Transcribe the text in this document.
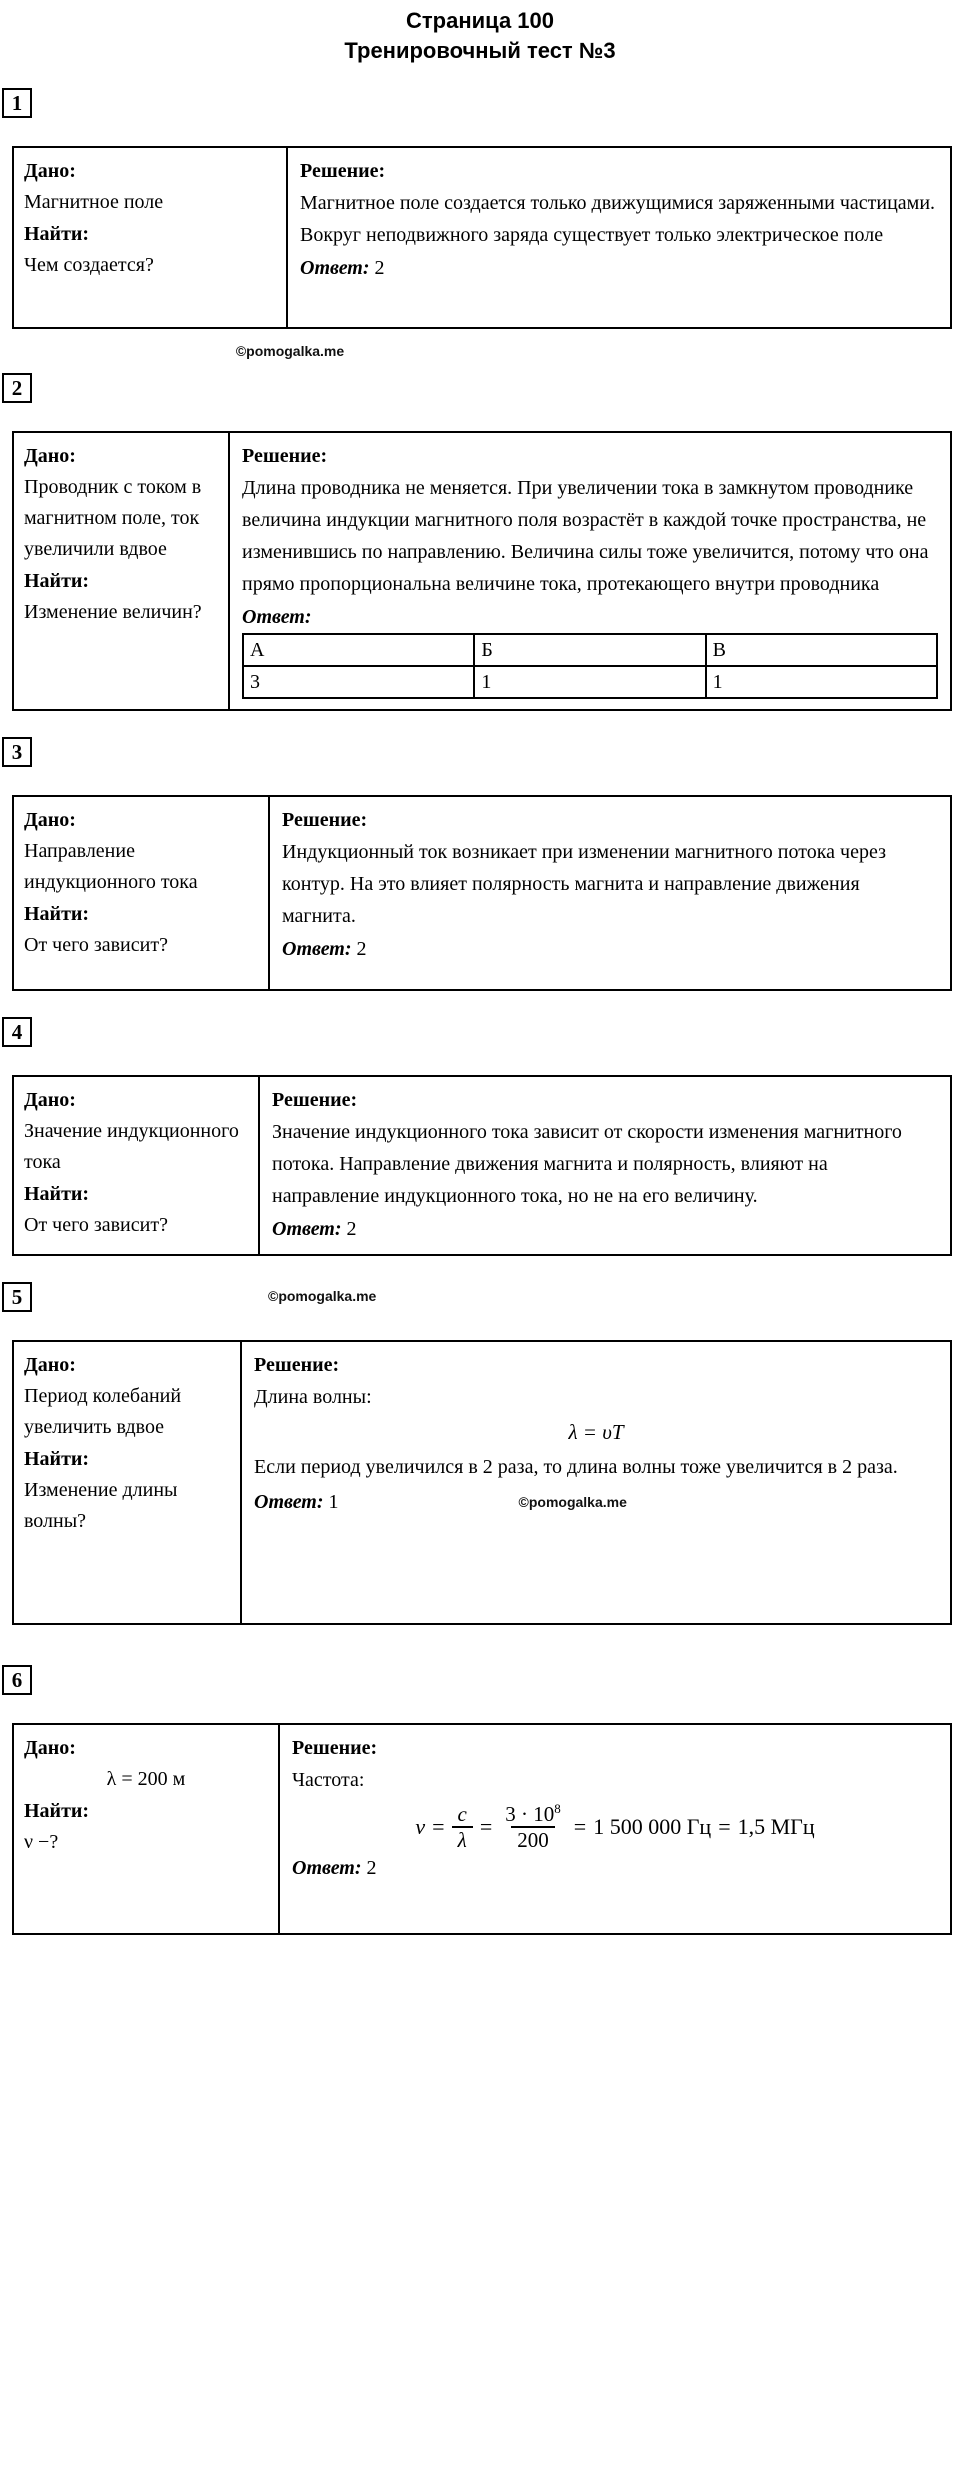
Страница 100
Тренировочный тест №3
1
Дано:
Магнитное поле
Найти:
Чем создается?
Решение:
Магнитное поле создается только движущимися заряженными частицами. Вокруг неподвижного заряда существует только электрическое поле
Ответ: 2
©pomogalka.me
2
Дано:
Проводник с током в магнитном поле, ток увеличили вдвое
Найти:
Изменение величин?
Решение:
Длина проводника не меняется. При увеличении тока в замкнутом проводнике величина индукции магнитного поля возрастёт в каждой точке пространства, не изменившись по направлению. Величина силы тоже увеличится, потому что она прямо пропорциональна величине тока, протекающего внутри проводника
Ответ:
А	Б	В
3	1	1
3
Дано:
Направление индукционного тока
Найти:
От чего зависит?
Решение:
Индукционный ток возникает при изменении магнитного потока через контур. На это влияет полярность магнита и направление движения магнита.
Ответ: 2
4
Дано:
Значение индукционного тока
Найти:
От чего зависит?
Решение:
Значение индукционного тока зависит от скорости изменения магнитного потока. Направление движения магнита и полярность, влияют на направление индукционного тока, но не на его величину.
Ответ: 2
5	©pomogalka.me
Дано:
Период колебаний увеличить вдвое
Найти:
Изменение длины волны?
Решение:
Длина волны:
λ = υT
Если период увеличился в 2 раза, то длина волны тоже увеличится в 2 раза.
Ответ: 1	©pomogalka.me
6
Дано:
λ = 200 м
Найти:
ν −?
Решение:
Частота:
$\nu = \frac{c}{\lambda} = \frac{3 \cdot 10^8}{200} = 1$ 500 000 Гц = 1,5 МГц
Ответ: 2
